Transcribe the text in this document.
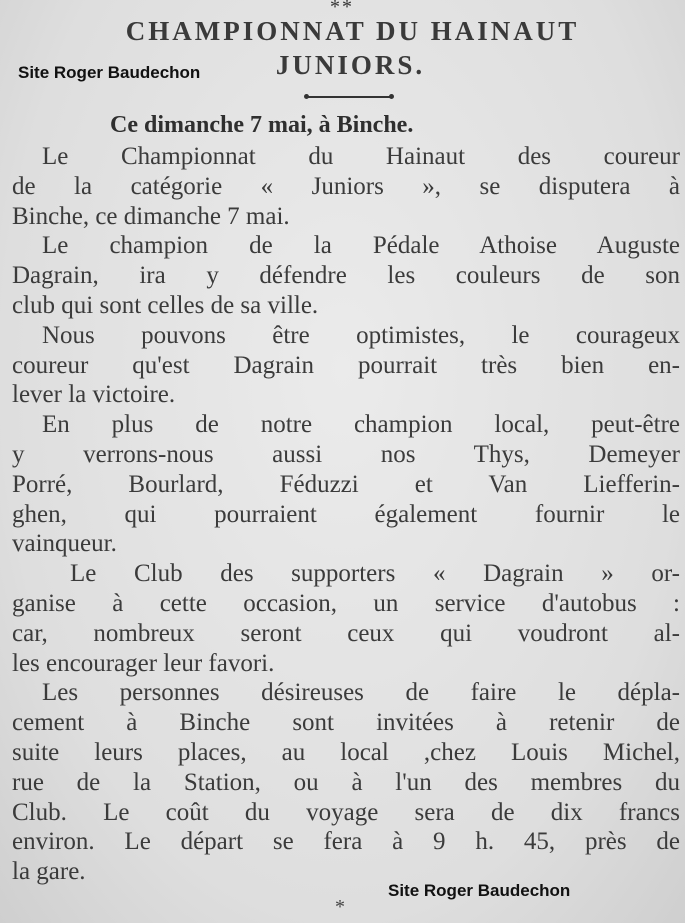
**
CHAMPIONNAT DU HAINAUT
JUNIORS.
Site Roger Baudechon
Ce dimanche 7 mai, à Binche.
Le Championnat du Hainaut des coureur
de la catégorie « Juniors », se disputera à
Binche, ce dimanche 7 mai.
Le champion de la Pédale Athoise Auguste
Dagrain, ira y défendre les couleurs de son
club qui sont celles de sa ville.
Nous pouvons être optimistes, le courageux
coureur qu'est Dagrain pourrait très bien en-
lever la victoire.
En plus de notre champion local, peut-être
y verrons-nous aussi nos Thys, Demeyer
Porré, Bourlard, Féduzzi et Van Liefferin-
ghen, qui pourraient également fournir le
vainqueur.
Le Club des supporters « Dagrain » or-
ganise à cette occasion, un service d'autobus :
car, nombreux seront ceux qui voudront al-
les encourager leur favori.
Les personnes désireuses de faire le dépla-
cement à Binche sont invitées à retenir de
suite leurs places, au local ,chez Louis Michel,
rue de la Station, ou à l'un des membres du
Club. Le coût du voyage sera de dix francs
environ. Le départ se fera à 9 h. 45, près de
la gare.
*
Site Roger Baudechon
